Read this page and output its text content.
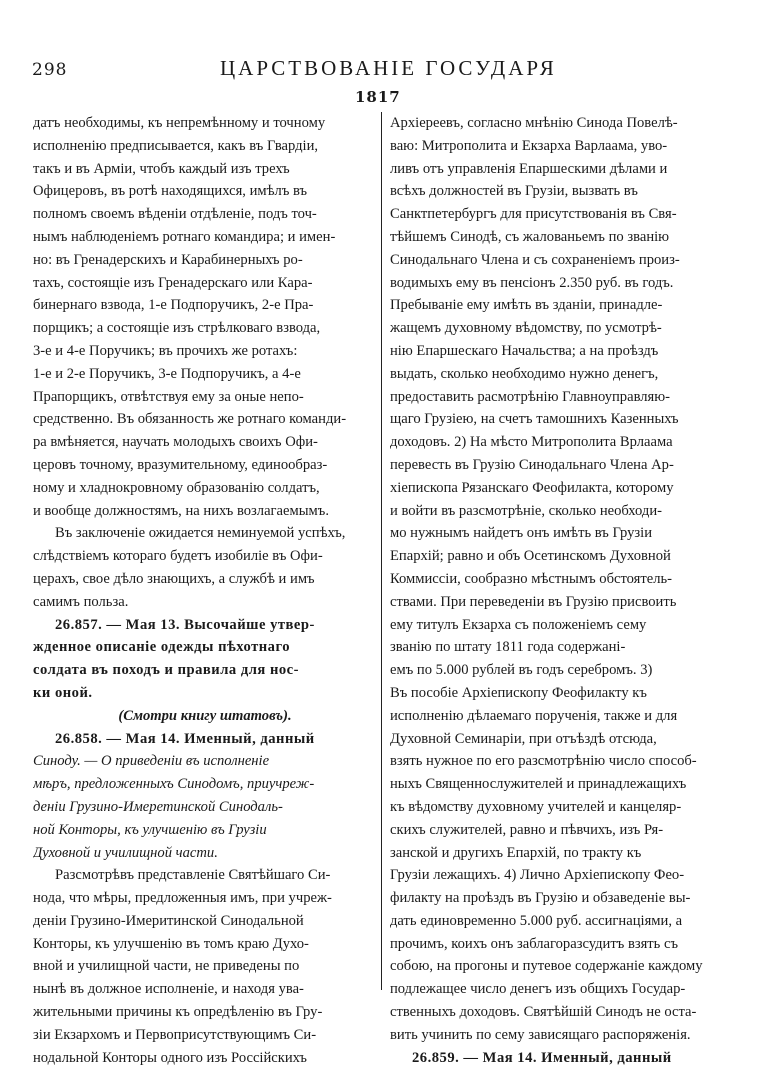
298	ЦАРСТВОВАНІЕ ГОСУДАРЯ
1817
датъ необходимы, къ непремѣнному и точному
исполненію предписывается, какъ въ Гвардіи,
такъ и въ Арміи, чтобъ каждый изъ трехъ
Офицеровъ, въ ротѣ находящихся, имѣлъ въ
полномъ своемъ вѣденіи отдѣленіе, подъ точ-
нымъ наблюденіемъ ротнаго командира; и имен-
но: въ Гренадерскихъ и Карабинерныхъ ро-
тахъ, состоящіе изъ Гренадерскаго или Кара-
бинернаго взвода, 1-е Подпоручикъ, 2-е Пра-
порщикъ; а состоящіе изъ стрѣлковаго взвода,
3-е и 4-е Поручикъ; въ прочихъ же ротахъ:
1-е и 2-е Поручикъ, 3-е Подпоручикъ, а 4-е
Прапорщикъ, отвѣтствуя ему за оные непо-
средственно. Въ обязанность же ротнаго команди-
ра вмѣняется, научать молодыхъ своихъ Офи-
церовъ точному, вразумительному, единообраз-
ному и хладнокровному образованію солдатъ,
и вообще должностямъ, на нихъ возлагаемымъ.
Въ заключеніе ожидается неминуемой успѣхъ,
слѣдствіемъ котораго будетъ изобиліе въ Офи-
церахъ, свое дѣло знающихъ, а службѣ и имъ
самимъ польза.
26.857. — Мая 13. Высочайше утвер-
жденное описаніе одежды пѣхотнаго
солдата въ походъ и правила для нос-
ки оной.
(Смотри книгу штатовъ).
26.858. — Мая 14. Именный, данный
Синоду. — О приведеніи въ исполненіе
мѣръ, предложенныхъ Синодомъ, приучреж-
деніи Грузино-Имеретинской Синодаль-
ной Конторы, къ улучшенію въ Грузіи
Духовной и училищной части.
Разсмотрѣвъ представленіе Святѣйшаго Си-
нода, что мѣры, предложенныя имъ, при учреж-
деніи Грузино-Имеритинской Синодальной
Конторы, къ улучшенію въ томъ краю Духо-
вной и училищной части, не приведены по
нынѣ въ должное исполненіе, и находя ува-
жительными причины къ опредѣленію въ Гру-
зіи Екзархомъ и Первоприсутствующимъ Си-
нодальной Конторы одного изъ Россійскихъ
Архіереевъ, согласно мнѣнію Синода Повелѣ-
ваю: Митрополита и Екзарха Варлаама, уво-
ливъ отъ управленія Епаршескими дѣлами и
всѣхъ должностей въ Грузіи, вызвать въ
Санктпетербургъ для присутствованія въ Свя-
тѣйшемъ Синодѣ, съ жалованьемъ по званію
Синодальнаго Члена и съ сохраненіемъ произ-
водимыхъ ему въ пенсіонъ 2.350 руб. въ годъ.
Пребываніе ему имѣть въ зданіи, принадле-
жащемъ духовному вѣдомству, по усмотрѣ-
нію Епаршескаго Начальства; а на проѣздъ
выдать, сколько необходимо нужно денегъ,
предоставить расмотрѣнію Главноуправляю-
щаго Грузіею, на счетъ тамошнихъ Казенныхъ
доходовъ. 2) На мѣсто Митрополита Врлаама
перевесть въ Грузію Синодальнаго Члена Ар-
хіепископа Рязанскаго Феофилакта, которому
и войти въ разсмотрѣніе, сколько необходи-
мо нужнымъ найдетъ онъ имѣть въ Грузіи
Епархій; равно и объ Осетинскомъ Духовной
Коммиссіи, сообразно мѣстнымъ обстоятель-
ствами. При переведеніи въ Грузію присвоить
ему титулъ Екзарха съ положеніемъ сему
званію по штату 1811 года содержані-
емъ по 5.000 рублей въ годъ серебромъ. 3)
Въ пособіе Архіепископу Феофилакту къ
исполненію дѣлаемаго порученія, также и для
Духовной Семинаріи, при отъѣздѣ отсюда,
взять нужное по его разсмотрѣнію число способ-
ныхъ Священнослужителей и принадлежащихъ
къ вѣдомству духовному учителей и канцеляр-
скихъ служителей, равно и пѣвчихъ, изъ Ря-
занской и другихъ Епархій, по тракту къ
Грузіи лежащихъ. 4) Лично Архіепископу Фео-
филакту на проѣздъ въ Грузію и обзаведеніе вы-
дать единовременно 5.000 руб. ассигнаціями, а
прочимъ, коихъ онъ заблагоразсудитъ взять съ
собою, на прогоны и путевое содержаніе каждому
подлежащее число денегъ изъ общихъ Государ-
ственныхъ доходовъ. Святѣйшій Синодъ не оста-
вить учинить по сему зависящаго распоряженія.
26.859. — Мая 14. Именный, данный
